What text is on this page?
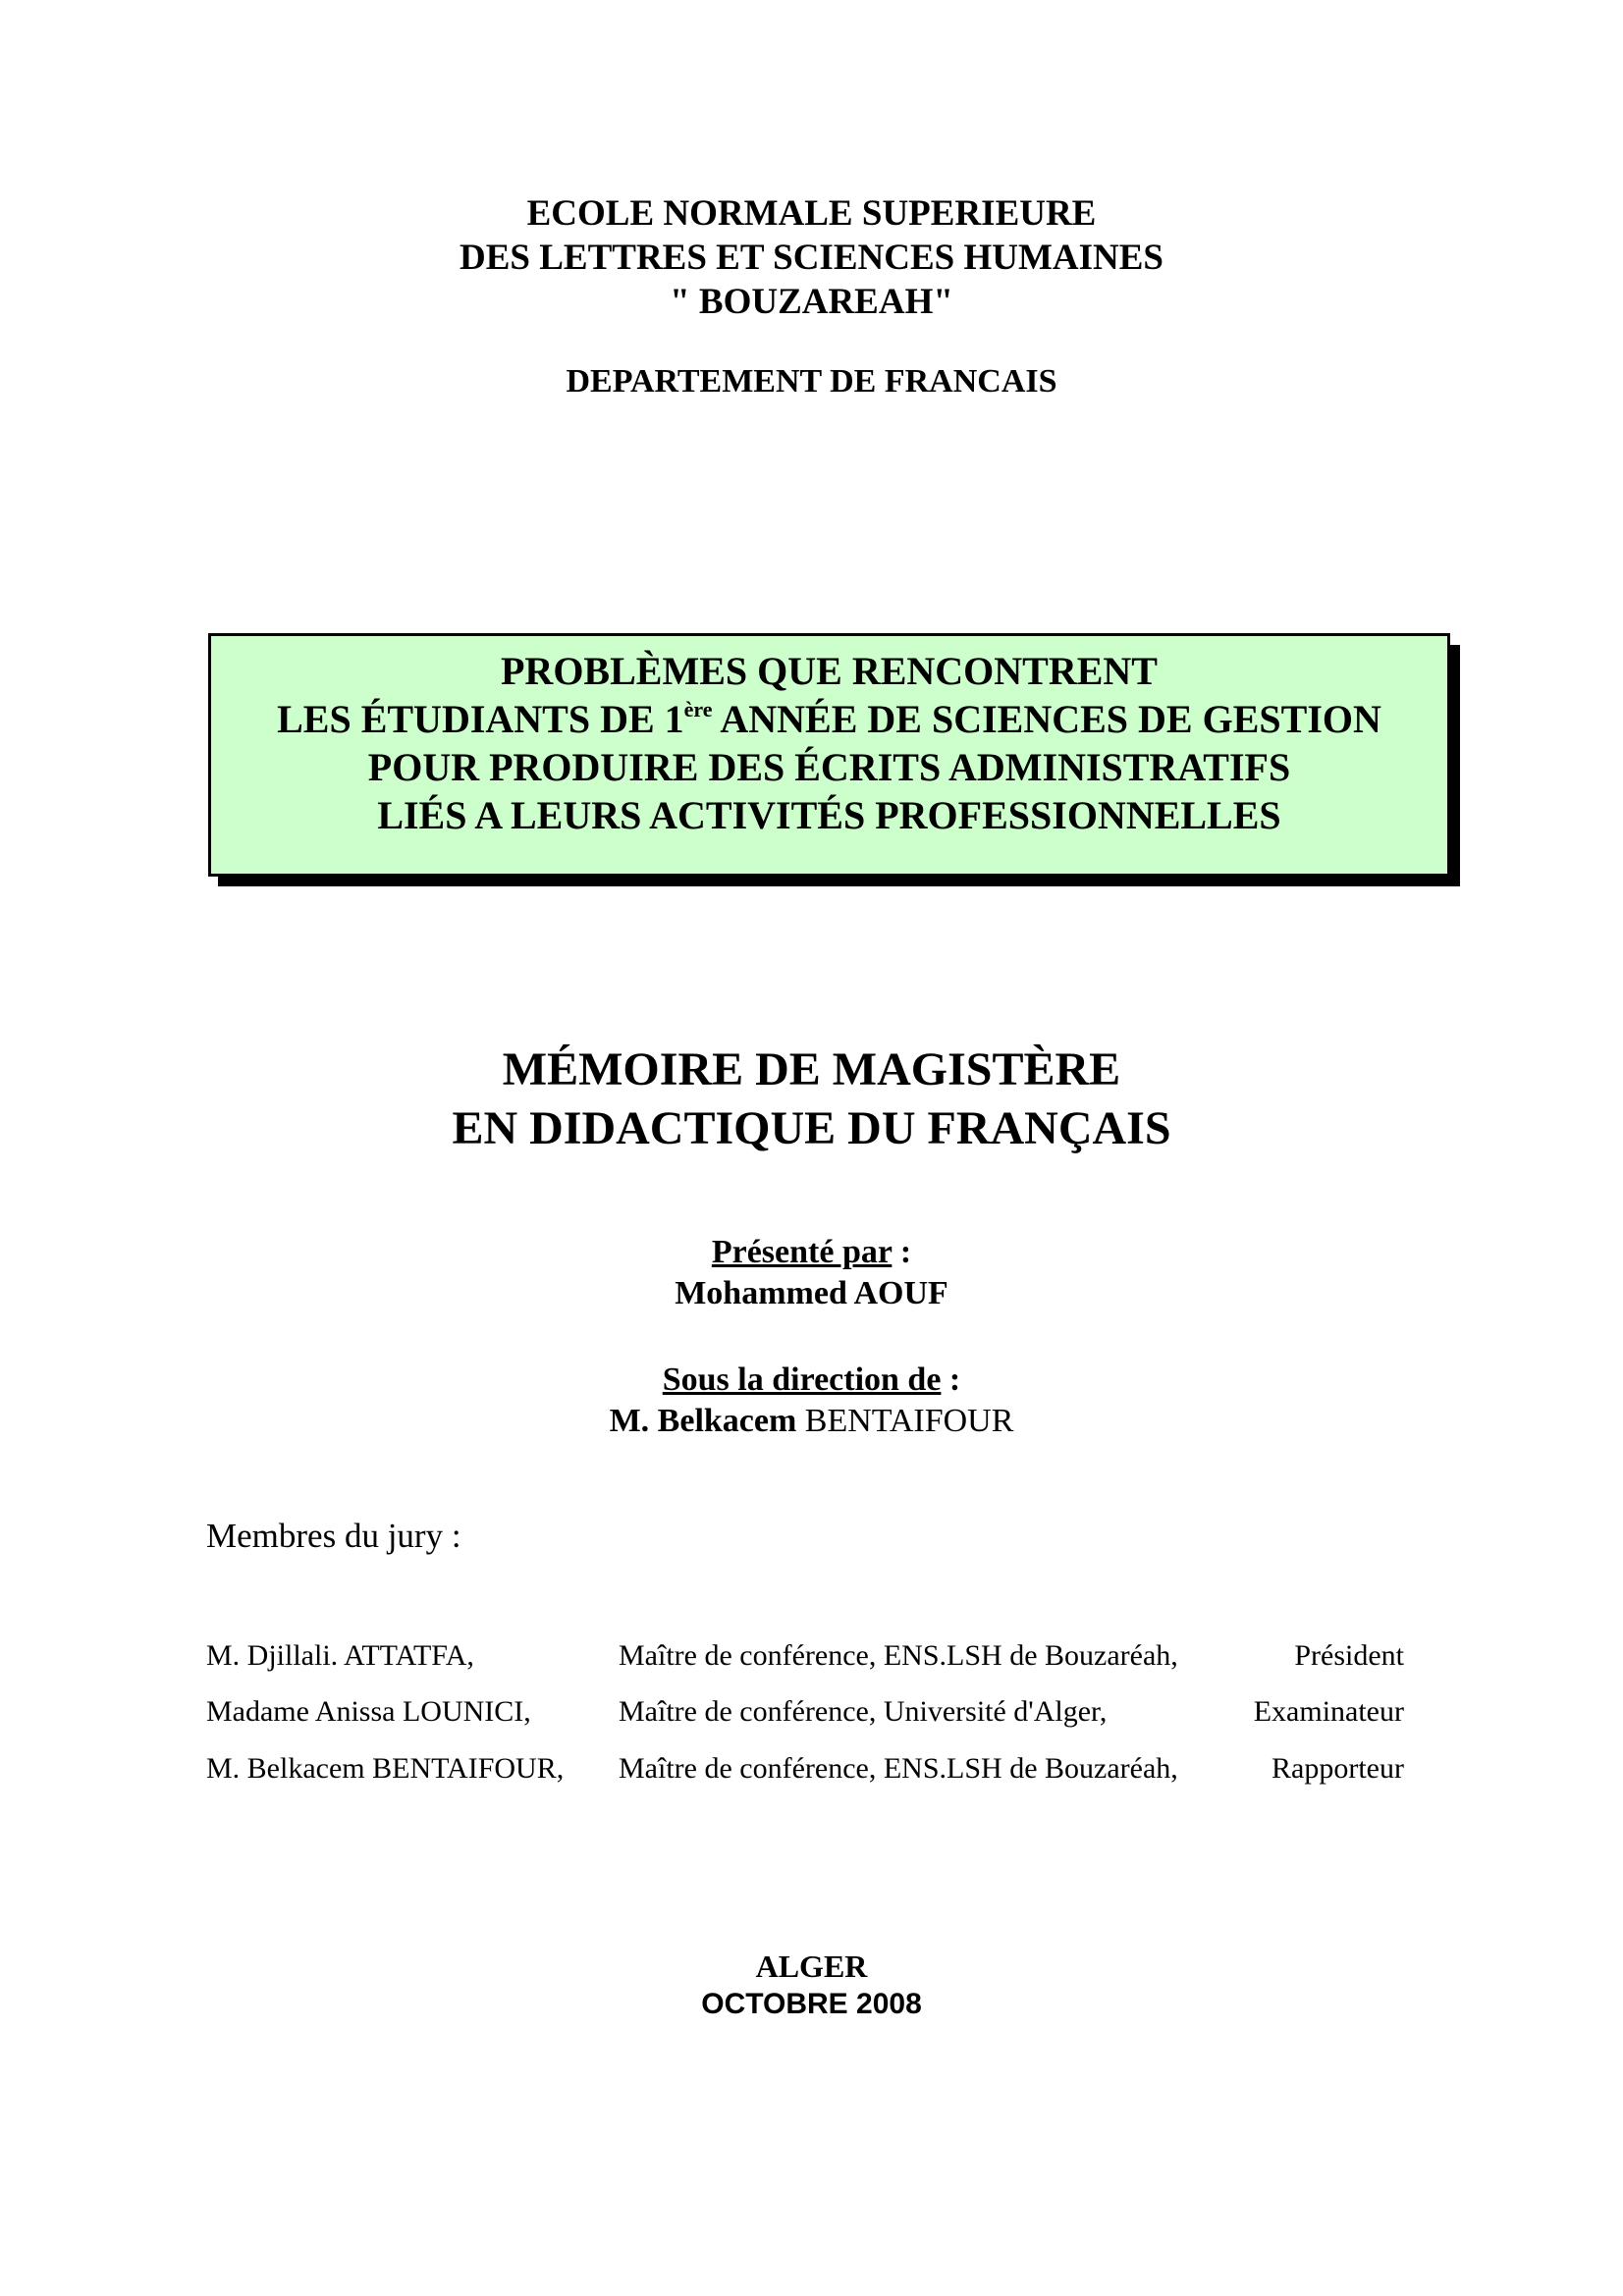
ECOLE NORMALE SUPERIEURE
DES LETTRES ET SCIENCES HUMAINES
" BOUZAREAH"
DEPARTEMENT DE FRANCAIS
PROBLÈMES QUE RENCONTRENT
LES ÉTUDIANTS DE 1ère ANNÉE DE SCIENCES DE GESTION
POUR PRODUIRE DES ÉCRITS ADMINISTRATIFS
LIÉS A LEURS ACTIVITÉS PROFESSIONNELLES
MÉMOIRE DE MAGISTÈRE
EN DIDACTIQUE DU FRANÇAIS
Présenté par :
Mohammed AOUF
Sous la direction de :
M. Belkacem BENTAIFOUR
Membres du jury :
M. Djillali. ATTATFA,	Maître de conférence, ENS.LSH de Bouzaréah,	Président
Madame Anissa LOUNICI,	Maître de conférence, Université d'Alger,	Examinateur
M. Belkacem BENTAIFOUR, Maître de conférence, ENS.LSH de Bouzaréah,	Rapporteur
ALGER
OCTOBRE 2008
